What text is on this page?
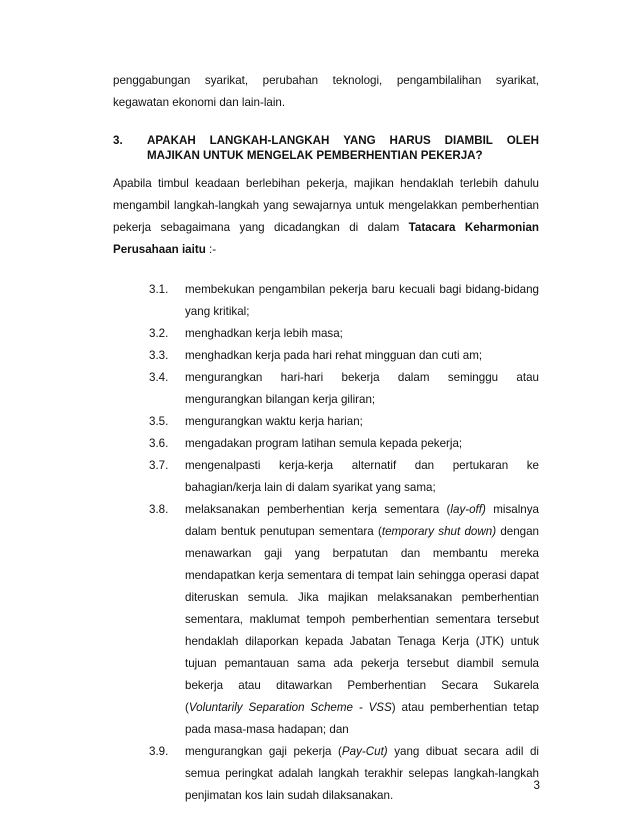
penggabungan syarikat, perubahan teknologi, pengambilalihan syarikat, kegawatan ekonomi dan lain-lain.

3.	APAKAH LANGKAH-LANGKAH YANG HARUS DIAMBIL OLEH
MAJIKAN UNTUK MENGELAK PEMBERHENTIAN PEKERJA?

Apabila timbul keadaan berlebihan pekerja, majikan hendaklah terlebih dahulu mengambil langkah-langkah yang sewajarnya untuk mengelakkan pemberhentian pekerja sebagaimana yang dicadangkan di dalam Tatacara Keharmonian Perusahaan iaitu :-

3.1.	membekukan pengambilan pekerja baru kecuali bagi bidang-bidang yang kritikal;
3.2.	menghadkan kerja lebih masa;
3.3.	menghadkan kerja pada hari rehat mingguan dan cuti am;
3.4.	mengurangkan hari-hari bekerja dalam seminggu atau mengurangkan bilangan kerja giliran;
3.5.	mengurangkan waktu kerja harian;
3.6.	mengadakan program latihan semula kepada pekerja;
3.7.	mengenalpasti kerja-kerja alternatif dan pertukaran ke bahagian/kerja lain di dalam syarikat yang sama;
3.8.	melaksanakan pemberhentian kerja sementara (lay-off) misalnya dalam bentuk penutupan sementara (temporary shut down) dengan menawarkan gaji yang berpatutan dan membantu mereka mendapatkan kerja sementara di tempat lain sehingga operasi dapat diteruskan semula. Jika majikan melaksanakan pemberhentian sementara, maklumat tempoh pemberhentian sementara tersebut hendaklah dilaporkan kepada Jabatan Tenaga Kerja (JTK) untuk tujuan pemantauan sama ada pekerja tersebut diambil semula bekerja atau ditawarkan Pemberhentian Secara Sukarela (Voluntarily Separation Scheme - VSS) atau pemberhentian tetap pada masa-masa hadapan; dan
3.9.	mengurangkan gaji pekerja (Pay-Cut) yang dibuat secara adil di semua peringkat adalah langkah terakhir selepas langkah-langkah penjimatan kos lain sudah dilaksanakan.
3
